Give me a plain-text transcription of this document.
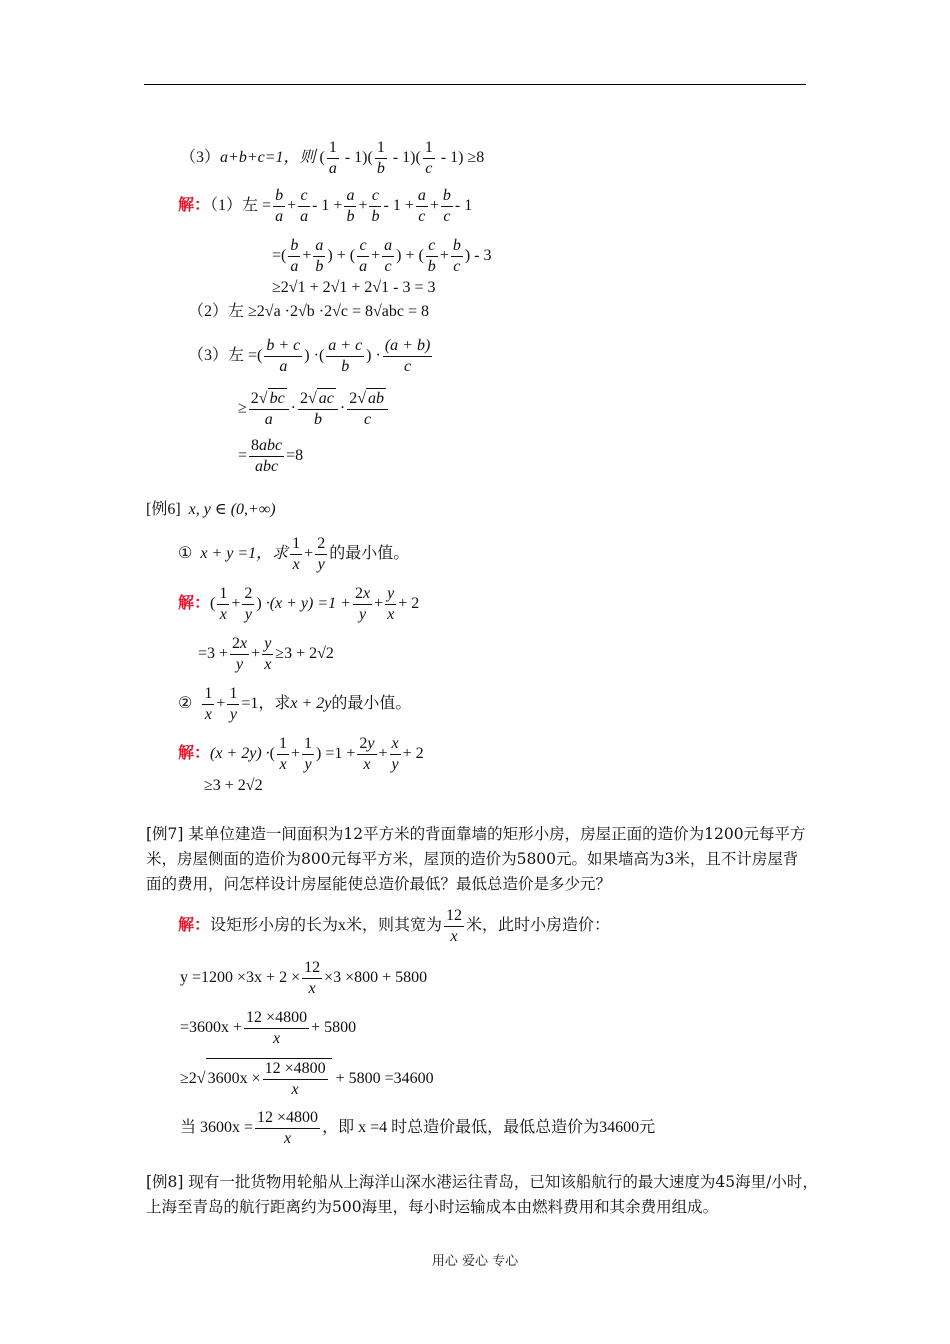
（3）a+b+c=1，则 ( $\frac{1}{a} - 1)( \frac{1}{b} - 1)( \frac{1}{c} - 1) \ge 8$
解：（1）左 = $\frac{b}{a} + \frac{c}{a} - 1 + \frac{a}{b} + \frac{c}{b} - 1 + \frac{a}{c} + \frac{b}{c} - 1$
=( $\frac{b}{a} + \frac{a}{b}$ ) + ( $\frac{c}{a} + \frac{a}{c}$ ) + ( $\frac{c}{b} + \frac{b}{c}$ ) - 3
≥2√1 + 2√1 + 2√1 - 3 = 3
（2）左 ≥2√a ·2√b ·2√c = 8√abc = 8
（3）左 =( $\frac{b + c}{a}$ ) ·( $\frac{a + c}{b}$ ) · $\frac{(a + b)}{c}$
≥ $\frac{2√ bc}{a} \cdot \frac{2√ ac}{b} \cdot \frac{2√ ab}{c}$
= $\frac{\text{8abc}}{\text{abc}} =8$
[例6] x, y ∈ (0,+∞)
① x + y =1，求 $\frac{1}{x} + \frac{2}{y}$ 的最小值。
解：( $\frac{1}{x} + \frac{2}{y}$ ) $\cdot(x + y) =1 + \frac{2x}{y} + \frac{y}{x} + 2$
$=3 + \frac{2x}{y} + \frac{y}{x} \ge 3 + 2√2$
② $\frac{1}{x} + \frac{1}{y} =1$，求x + 2y的最小值。
解：(x + 2y) ·( $\frac{1}{x} + \frac{1}{y}$ ) $=1 + \frac{2y}{x} + \frac{x}{y} + 2$
≥3 + 2√2
[例7] 某单位建造一间面积为12平方米的背面靠墙的矩形小房，房屋正面的造价为1200元每平方米，房屋侧面的造价为800元每平方米，屋顶的造价为5800元。如果墙高为3米，且不计房屋背面的费用，问怎样设计房屋能使总造价最低？最低总造价是多少元？
解：设矩形小房的长为x米，则其宽为 $\frac{12}{x}$ 米，此时小房造价：
$y =1200 \times 3x + 2 \times \frac{12}{x} \times 3 \times 800 + 5800$
$=3600x + \frac{12 \times 4800}{x} + 5800$
≥2√ $3600x \times \frac{12 \times 4800}{x} + 5800 =34600$
当 $3600x = \frac{12 \times 4800}{x}$ ，即 x =4 时总造价最低，最低总造价为34600元
[例8] 现有一批货物用轮船从上海洋山深水港运往青岛，已知该船航行的最大速度为45海里/小时，上海至青岛的航行距离约为500海里，每小时运输成本由燃料费用和其余费用组成。
用心 爱心 专心
